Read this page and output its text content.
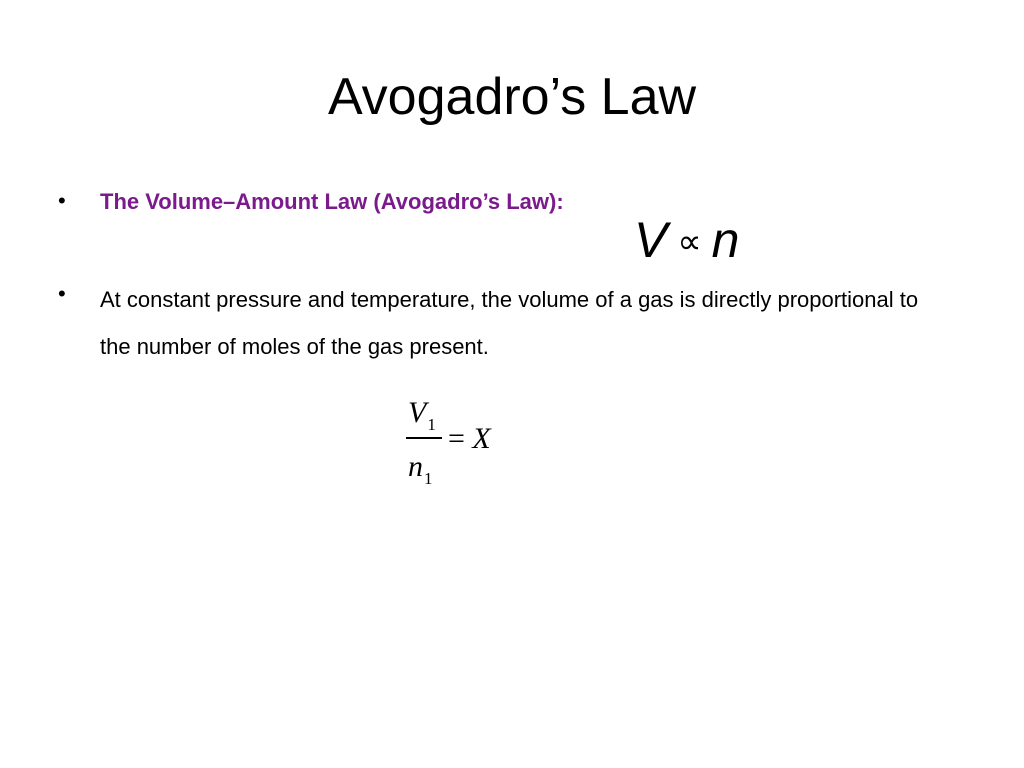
Avogadro’s Law
• The Volume–Amount Law (Avogadro’s Law):
V ∝ n
• At constant pressure and temperature, the volume of a gas is directly proportional to the number of moles of the gas present.
$V_1$
$n_1$
= X
